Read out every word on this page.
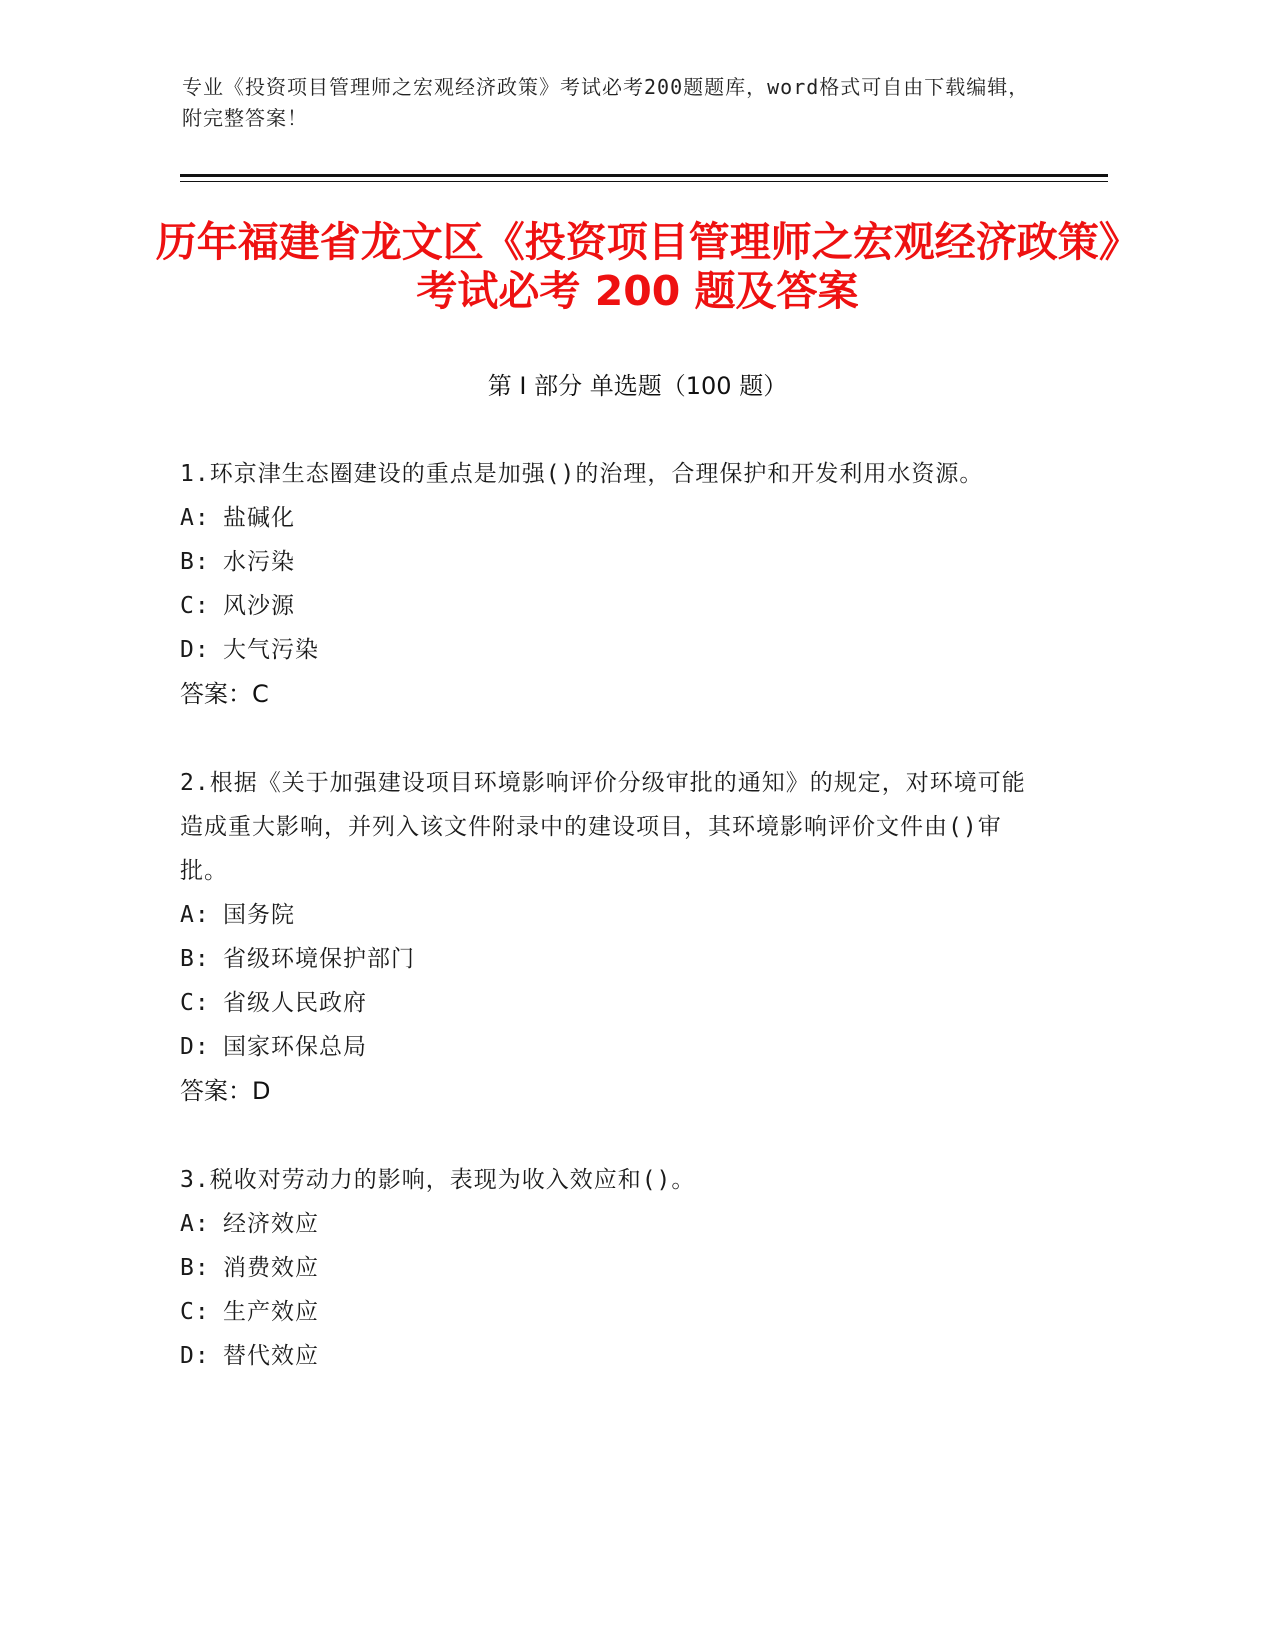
专业《投资项目管理师之宏观经济政策》考试必考200题题库，word格式可自由下载编辑，附完整答案！
历年福建省龙文区《投资项目管理师之宏观经济政策》考试必考 200 题及答案
第 I 部分 单选题（100 题）
1.环京津生态圈建设的重点是加强()的治理，合理保护和开发利用水资源。
A: 盐碱化
B: 水污染
C: 风沙源
D: 大气污染
答案：C
2.根据《关于加强建设项目环境影响评价分级审批的通知》的规定，对环境可能造成重大影响，并列入该文件附录中的建设项目，其环境影响评价文件由()审批。
A: 国务院
B: 省级环境保护部门
C: 省级人民政府
D: 国家环保总局
答案：D
3.税收对劳动力的影响，表现为收入效应和()。
A: 经济效应
B: 消费效应
C: 生产效应
D: 替代效应
